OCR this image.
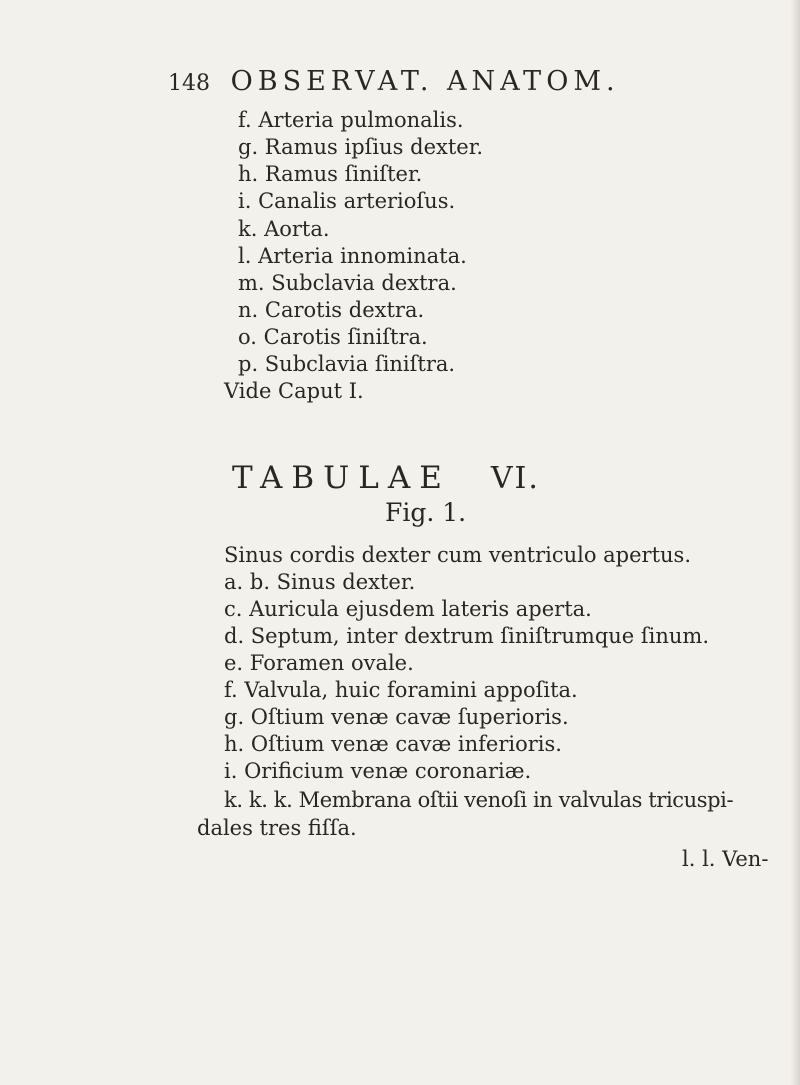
148 OBSERVAT. ANATOM.
f. Arteria pulmonalis.
g. Ramus ipſius dexter.
h. Ramus ſiniſter.
i. Canalis arterioſus.
k. Aorta.
l. Arteria innominata.
m. Subclavia dextra.
n. Carotis dextra.
o. Carotis ſiniſtra.
p. Subclavia ſiniſtra.
Vide Caput I.
TABULAE VI.
Fig. 1.
Sinus cordis dexter cum ventriculo apertus.
a. b. Sinus dexter.
c. Auricula ejusdem lateris aperta.
d. Septum, inter dextrum ſiniſtrumque ſinum.
e. Foramen ovale.
f. Valvula, huic foramini appoſita.
g. Oſtium venæ cavæ ſuperioris.
h. Oſtium venæ cavæ inferioris.
i. Orificium venæ coronariæ.
k. k. k. Membrana oſtii venoſi in valvulas tricuspi-
dales tres fiſſa.
l. l. Ven-
